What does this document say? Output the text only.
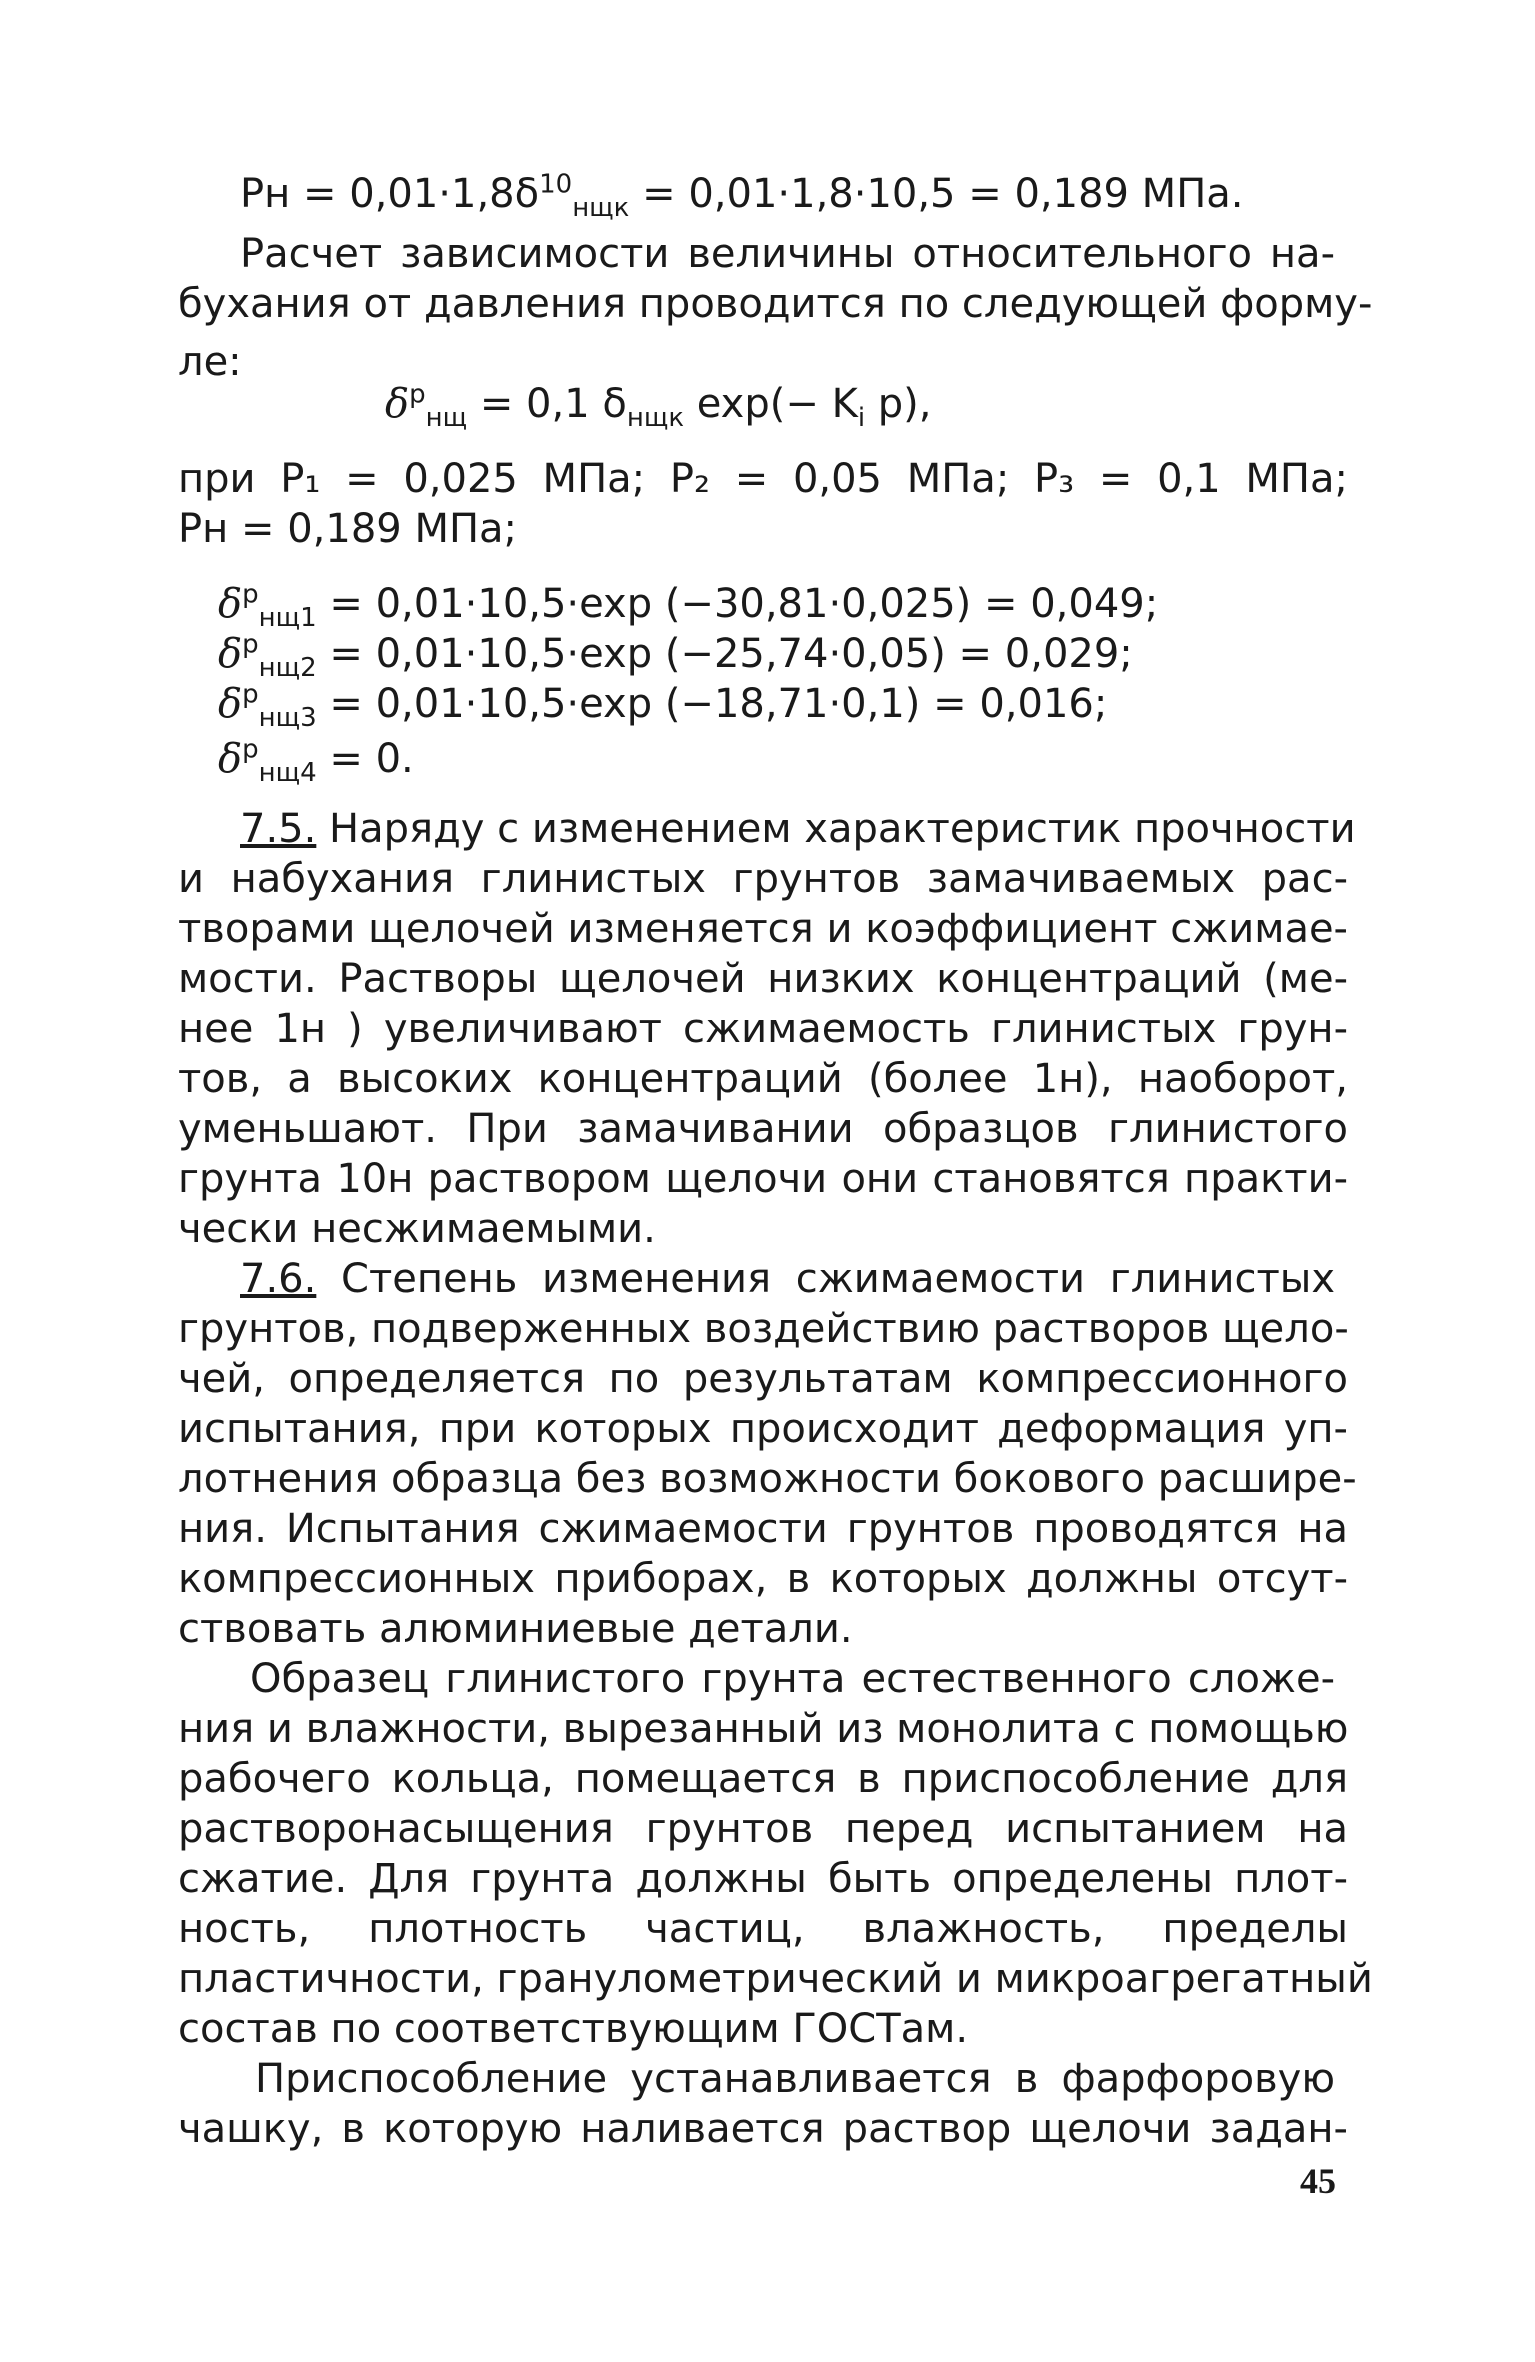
Pн = $0,01\cdot 1,8\delta^{10}_{нщк} = 0,01\cdot 1,8\cdot 10,5 = 0,189$ МПа.
Расчет зависимости величины относительного на-
бухания от давления проводится по следующей форму-
ле:
$\delta^p_{нщ} = 0,1$ $\delta_{нщк}$ $\exp(- K_i$ p),
при P₁ = 0,025 МПа; P₂ = 0,05 МПа; P₃ = 0,1 МПа;
Pн = 0,189 МПа;
$\delta^p_{нщ1} = 0,01\cdot 10,5\cdot\exp$ (−30,81·0,025) = 0,049;
$\delta^p_{нщ2} = 0,01\cdot 10,5\cdot\exp$ (−25,74·0,05) = 0,029;
$\delta^p_{нщ3} = 0,01\cdot 10,5\cdot\exp$ (−18,71·0,1) = 0,016;
$\delta^p_{нщ4} = 0$.
7.5. Наряду с изменением характеристик прочности
и набухания глинистых грунтов замачиваемых рас-
творами щелочей изменяется и коэффициент сжимае-
мости. Растворы щелочей низких концентраций (ме-
нее 1н ) увеличивают сжимаемость глинистых грун-
тов, а высоких концентраций (более 1н), наоборот,
уменьшают. При замачивании образцов глинистого
грунта 10н раствором щелочи они становятся практи-
чески несжимаемыми.
7.6. Степень изменения сжимаемости глинистых
грунтов, подверженных воздействию растворов щело-
чей, определяется по результатам компрессионного
испытания, при которых происходит деформация уп-
лотнения образца без возможности бокового расшире-
ния. Испытания сжимаемости грунтов проводятся на
компрессионных приборах, в которых должны отсут-
ствовать алюминиевые детали.
Образец глинистого грунта естественного сложе-
ния и влажности, вырезанный из монолита с помощью
рабочего кольца, помещается в приспособление для
растворонасыщения грунтов перед испытанием на
сжатие. Для грунта должны быть определены плот-
ность, плотность частиц, влажность, пределы
пластичности, гранулометрический и микроагрегатный
состав по соответствующим ГОСТам.
Приспособление устанавливается в фарфоровую
чашку, в которую наливается раствор щелочи задан-
45
